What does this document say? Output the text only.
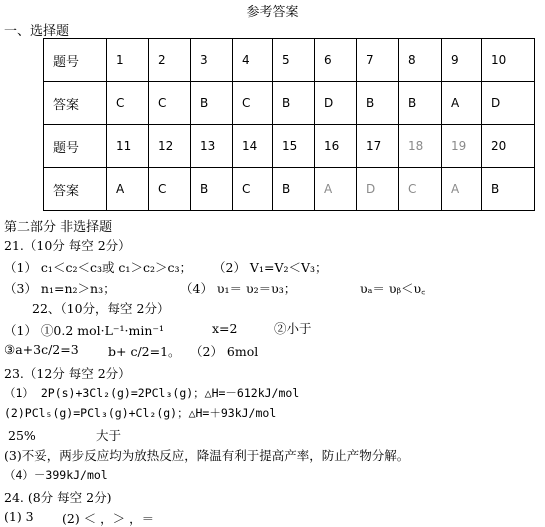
参考答案
一、选择题
题号	1	2	3	4	5	6	7	8	9	10
答案	C	C	B	C	B	D	B	B	A	D
题号	11	12	13	14	15	16	17	18	19	20
答案	A	C	B	C	B	A	D	C	A	B
第二部分 非选择题
21.（10分 每空 2分）
（1） c₁＜c₂＜c₃或 c₁＞c₂＞c₃； （2） V₁=V₂＜V₃；
（3） n₁=n₂＞n₃；	（4） υ₁＝ υ₂＝υ₃；	υₐ＝ υᵦ＜υ꜀
22、（10分，每空 2分）
（1） ①0.2 mol·L⁻¹·min⁻¹	x=2	②小于
③a+3c/2=3 b+ c/2=1。 （2） 6mol
23.（12分 每空 2分）
（1） 2P(s)+3Cl₂(g)=2PCl₃(g)；△H=－612kJ/mol
(2)PCl₅(g)=PCl₃(g)+Cl₂(g)；△H=＋93kJ/mol
25%	大于
(3)不妥，两步反应均为放热反应，降温有利于提高产率，防止产物分解。
（4）－399kJ/mol
24. (8分 每空 2分)
(1) 3 (2) ＜ ，＞ ，＝
